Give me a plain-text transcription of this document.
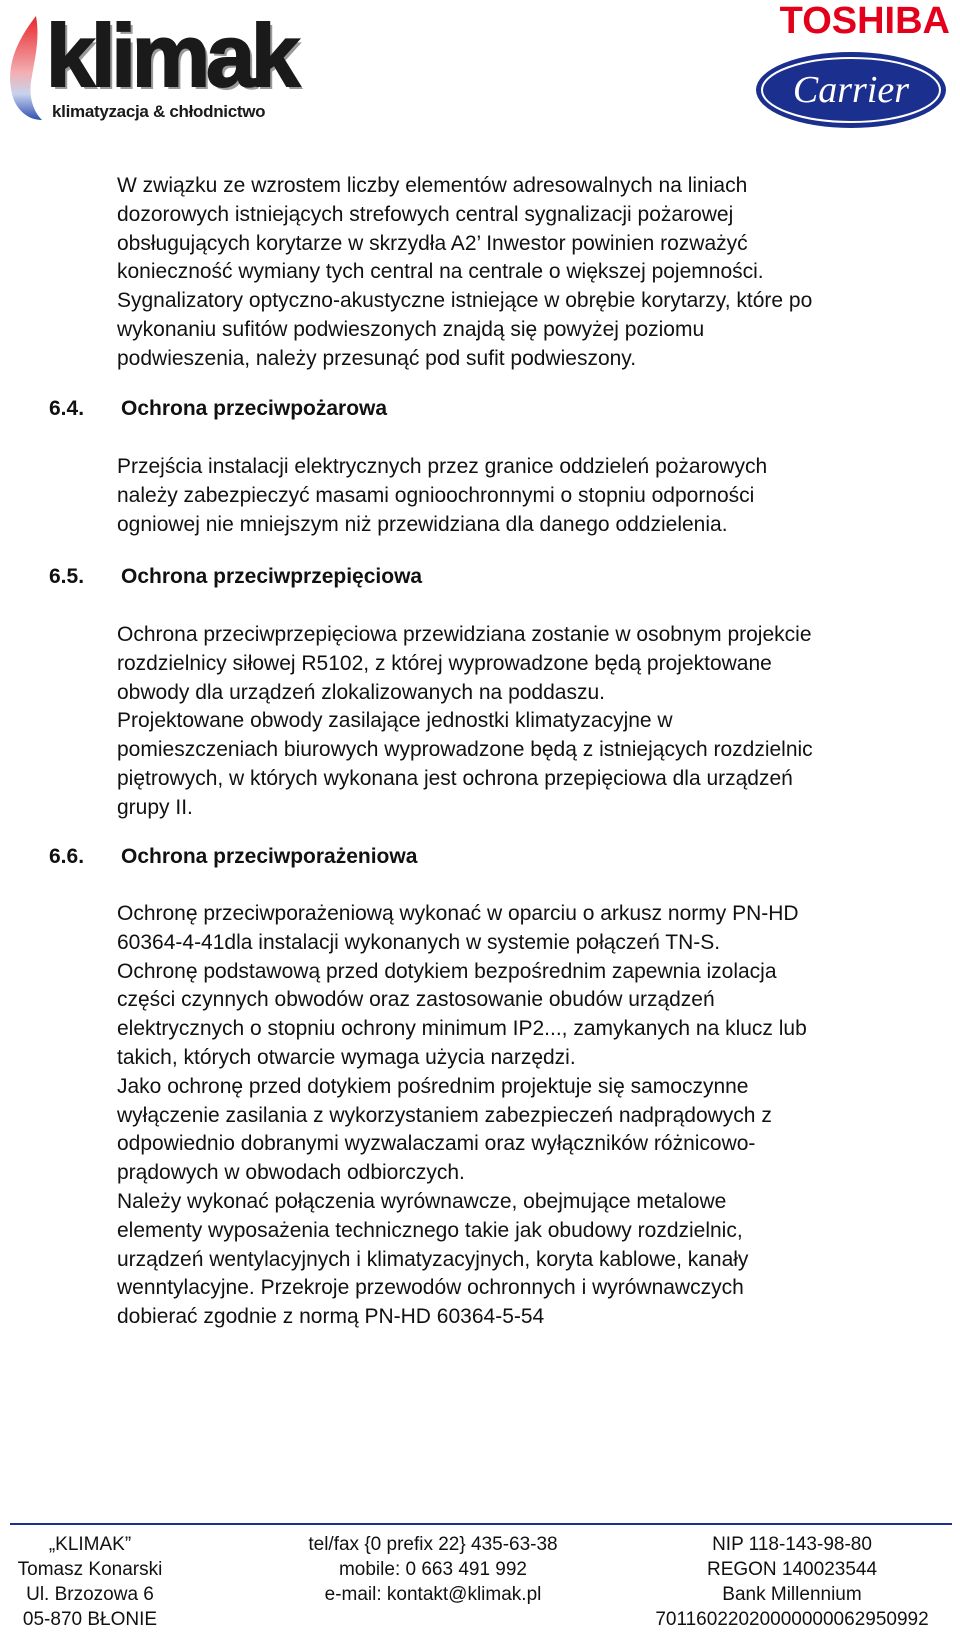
klimak
klimatyzacja & chłodnictwo
TOSHIBA
Carrier
W związku ze wzrostem liczby elementów adresowalnych na liniach
dozorowych istniejących strefowych central sygnalizacji pożarowej
obsługujących korytarze w skrzydła A2’ Inwestor powinien rozważyć
konieczność wymiany tych central na centrale o większej pojemności.
Sygnalizatory optyczno-akustyczne istniejące w obrębie korytarzy, które po
wykonaniu sufitów podwieszonych znajdą się powyżej poziomu
podwieszenia, należy przesunąć pod sufit podwieszony.
6.4. Ochrona przeciwpożarowa
Przejścia instalacji elektrycznych przez granice oddzieleń pożarowych
należy zabezpieczyć masami ognioochronnymi o stopniu odporności
ogniowej nie mniejszym niż przewidziana dla danego oddzielenia.
6.5. Ochrona przeciwprzepięciowa
Ochrona przeciwprzepięciowa przewidziana zostanie w osobnym projekcie
rozdzielnicy siłowej R5102, z której wyprowadzone będą projektowane
obwody dla urządzeń zlokalizowanych na poddaszu.
Projektowane obwody zasilające jednostki klimatyzacyjne w
pomieszczeniach biurowych wyprowadzone będą z istniejących rozdzielnic
piętrowych, w których wykonana jest ochrona przepięciowa dla urządzeń
grupy II.
6.6. Ochrona przeciwporażeniowa
Ochronę przeciwporażeniową wykonać w oparciu o arkusz normy PN-HD
60364-4-41dla instalacji wykonanych w systemie połączeń TN-S.
Ochronę podstawową przed dotykiem bezpośrednim zapewnia izolacja
części czynnych obwodów oraz zastosowanie obudów urządzeń
elektrycznych o stopniu ochrony minimum IP2..., zamykanych na klucz lub
takich, których otwarcie wymaga użycia narzędzi.
Jako ochronę przed dotykiem pośrednim projektuje się samoczynne
wyłączenie zasilania z wykorzystaniem zabezpieczeń nadprądowych z
odpowiednio dobranymi wyzwalaczami oraz wyłączników różnicowo-
prądowych w obwodach odbiorczych.
Należy wykonać połączenia wyrównawcze, obejmujące metalowe
elementy wyposażenia technicznego takie jak obudowy rozdzielnic,
urządzeń wentylacyjnych i klimatyzacyjnych, koryta kablowe, kanały
wenntylacyjne. Przekroje przewodów ochronnych i wyrównawczych
dobierać zgodnie z normą PN-HD 60364-5-54
„KLIMAK”
Tomasz Konarski
Ul. Brzozowa 6
05-870 BŁONIE
tel/fax {0 prefix 22} 435-63-38
mobile: 0 663 491 992
e-mail: kontakt@klimak.pl
NIP 118-143-98-80
REGON 140023544
Bank Millennium
70116022020000000062950992
